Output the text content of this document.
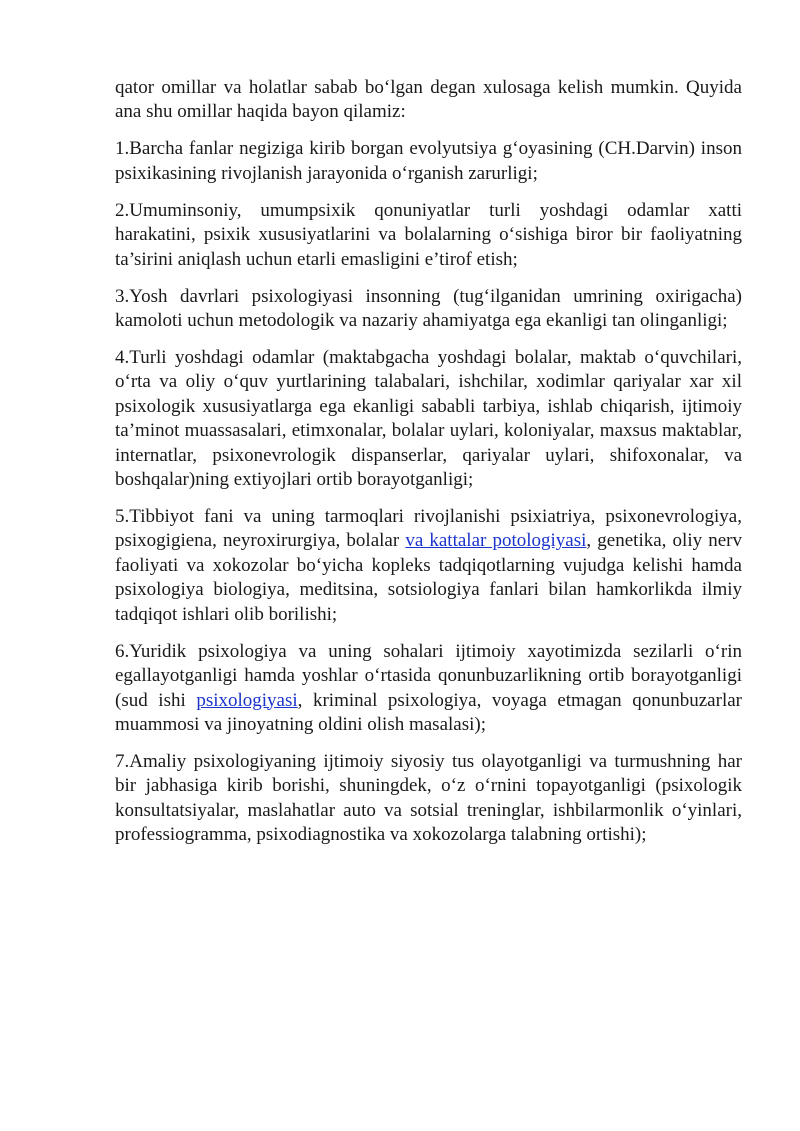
qator omillar va holatlar sabab bo‘lgan degan xulosaga kelish mumkin. Quyida ana shu omillar haqida bayon qilamiz:

1.Barcha fanlar negiziga kirib borgan evolyutsiya g‘oyasining (CH.Darvin) inson psixikasining rivojlanish jarayonida o‘rganish zarurligi;

2.Umuminsoniy, umumpsixik qonuniyatlar turli yoshdagi odamlar xatti harakatini, psixik xususiyatlarini va bolalarning o‘sishiga biror bir faoliyatning ta’sirini aniqlash uchun etarli emasligini e’tirof etish;

3.Yosh davrlari psixologiyasi insonning (tug‘ilganidan umrining oxirigacha) kamoloti uchun metodologik va nazariy ahamiyatga ega ekanligi tan olinganligi;

4.Turli yoshdagi odamlar (maktabgacha yoshdagi bolalar, maktab o‘quvchilari, o‘rta va oliy o‘quv yurtlarining talabalari, ishchilar, xodimlar qariyalar xar xil psixologik xususiyatlarga ega ekanligi sababli tarbiya, ishlab chiqarish, ijtimoiy ta’minot muassasalari, etimxonalar, bolalar uylari, koloniyalar, maxsus maktablar, internatlar, psixonevrologik dispanserlar, qariyalar uylari, shifoxonalar, va boshqalar)ning extiyojlari ortib borayotganligi;

5.Tibbiyot fani va uning tarmoqlari rivojlanishi psixiatriya, psixonevrologiya, psixogigiena, neyroxirurgiya, bolalar va kattalar potologiyasi, genetika, oliy nerv faoliyati va xokozolar bo‘yicha kopleks tadqiqotlarning vujudga kelishi hamda psixologiya biologiya, meditsina, sotsiologiya fanlari bilan hamkorlikda ilmiy tadqiqot ishlari olib borilishi;

6.Yuridik psixologiya va uning sohalari ijtimoiy xayotimizda sezilarli o‘rin egallayotganligi hamda yoshlar o‘rtasida qonunbuzarlikning ortib borayotganligi (sud ishi psixologiyasi, kriminal psixologiya, voyaga etmagan qonunbuzarlar muammosi va jinoyatning oldini olish masalasi);

7.Amaliy psixologiyaning ijtimoiy siyosiy tus olayotganligi va turmushning har bir jabhasiga kirib borishi, shuningdek, o‘z o‘rnini topayotganligi (psixologik konsultatsiyalar, maslahatlar auto va sotsial treninglar, ishbilarmonlik o‘yinlari, professiogramma, psixodiagnostika va xokozolarga talabning ortishi);
